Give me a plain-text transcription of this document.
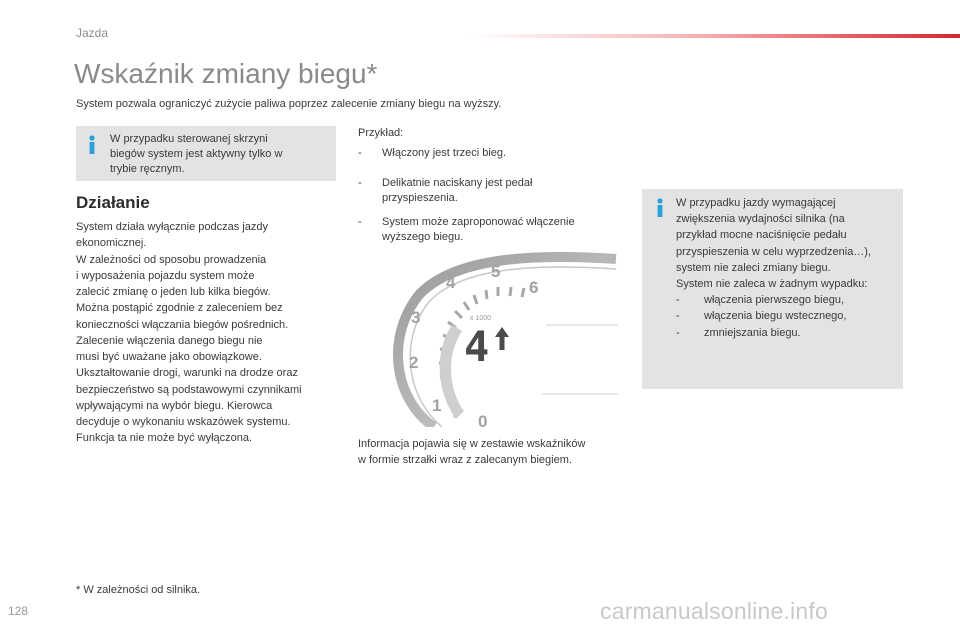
Jazda
Wskaźnik zmiany biegu*
System pozwala ograniczyć zużycie paliwa poprzez zalecenie zmiany biegu na wyższy.
W przypadku sterowanej skrzyni
biegów system jest aktywny tylko w
trybie ręcznym.
Działanie
System działa wyłącznie podczas jazdy
ekonomicznej.
W zależności od sposobu prowadzenia
i wyposażenia pojazdu system może
zalecić zmianę o jeden lub kilka biegów.
Można postąpić zgodnie z zaleceniem bez
konieczności włączania biegów pośrednich.
Zalecenie włączenia danego biegu nie
musi być uważane jako obowiązkowe.
Ukształtowanie drogi, warunki na drodze oraz
bezpieczeństwo są podstawowymi czynnikami
wpływającymi na wybór biegu. Kierowca
decyduje o wykonaniu wskazówek systemu.
Funkcja ta nie może być wyłączona.
Przykład:
- Włączony jest trzeci bieg.
- Delikatnie naciskany jest pedał
przyspieszenia.
- System może zaproponować włączenie
wyższego biegu.
0
1
2
3
4
5
6
x 1000
4
Informacja pojawia się w zestawie wskaźników
w formie strzałki wraz z zalecanym biegiem.
W przypadku jazdy wymagającej
zwiększenia wydajności silnika (na
przykład mocne naciśnięcie pedału
przyspieszenia w celu wyprzedzenia…),
system nie zaleci zmiany biegu.
System nie zaleca w żadnym wypadku:
- włączenia pierwszego biegu,
- włączenia biegu wstecznego,
- zmniejszania biegu.
* W zależności od silnika.
128	carmanualsonline.info
